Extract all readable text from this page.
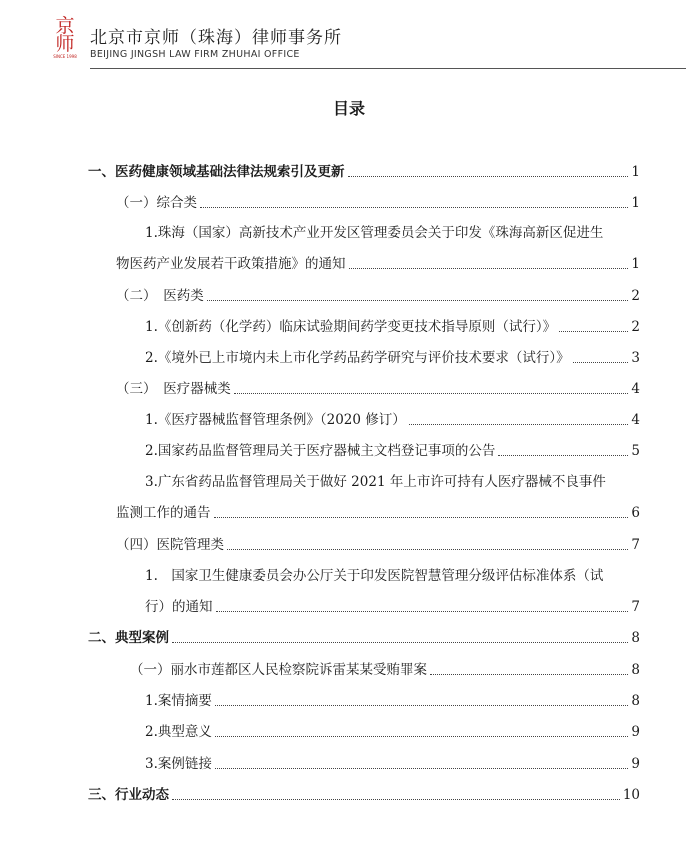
京
师
SINCE 1998
北京市京师（珠海）律师事务所
BEIJING JINGSH LAW FIRM ZHUHAI OFFICE
目录
一、医药健康领域基础法律法规索引及更新	1
（一）综合类	1
1.珠海（国家）高新技术产业开发区管理委员会关于印发《珠海高新区促进生
物医药产业发展若干政策措施》的通知	1
（二）　医药类	2
1.《创新药（化学药）临床试验期间药学变更技术指导原则（试行）》	2
2.《境外已上市境内未上市化学药品药学研究与评价技术要求（试行）》	3
（三）　医疗器械类	4
1.《医疗器械监督管理条例》（2020 修订）	4
2.国家药品监督管理局关于医疗器械主文档登记事项的公告	5
3.广东省药品监督管理局关于做好 2021 年上市许可持有人医疗器械不良事件
监测工作的通告	6
（四）医院管理类	7
1.　国家卫生健康委员会办公厅关于印发医院智慧管理分级评估标准体系（试
行）的通知	7
二、典型案例	8
（一）丽水市莲都区人民检察院诉雷某某受贿罪案	8
1.案情摘要	8
2.典型意义	9
3.案例链接	9
三、行业动态	10
